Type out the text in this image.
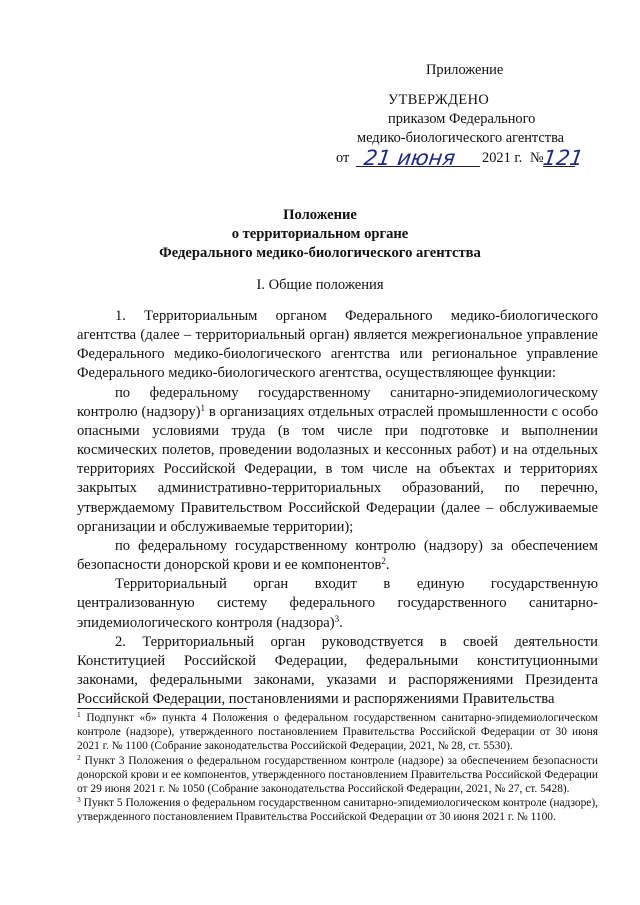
Приложение
УТВЕРЖДЕНО
приказом Федерального
медико-биологического агентства
от 21 июня 2021 г. №
121
Положение
о территориальном органе
Федерального медико-биологического агентства
I. Общие положения

1. Территориальным органом Федерального медико-биологического агентства (далее – территориальный орган) является межрегиональное управление Федерального медико-биологического агентства или региональное управление Федерального медико-биологического агентства, осуществляющее функции:

по федеральному государственному санитарно-эпидемиологическому контролю (надзору)$^1$ в организациях отдельных отраслей промышленности с особо опасными условиями труда (в том числе при подготовке и выполнении космических полетов, проведении водолазных и кессонных работ) и на отдельных территориях Российской Федерации, в том числе на объектах и территориях закрытых административно-территориальных образований, по перечню, утверждаемому Правительством Российской Федерации (далее – обслуживаемые организации и обслуживаемые территории);

по федеральному государственному контролю (надзору) за обеспечением безопасности донорской крови и ее компонентов$^2$.

Территориальный орган входит в единую государственную централизованную систему федерального государственного санитарно-эпидемиологического контроля (надзора)$^3$.

2. Территориальный орган руководствуется в своей деятельности Конституцией Российской Федерации, федеральными конституционными законами, федеральными законами, указами и распоряжениями Президента Российской Федерации, постановлениями и распоряжениями Правительства

$^1$ Подпункт «б» пункта 4 Положения о федеральном государственном санитарно-эпидемиологическом контроле (надзоре), утвержденного постановлением Правительства Российской Федерации от 30 июня 2021 г. № 1100 (Собрание законодательства Российской Федерации, 2021, № 28, ст. 5530).

$^2$ Пункт 3 Положения о федеральном государственном контроле (надзоре) за обеспечением безопасности донорской крови и ее компонентов, утвержденного постановлением Правительства Российской Федерации от 29 июня 2021 г. № 1050 (Собрание законодательства Российской Федерации, 2021, № 27, ст. 5428).

$^3$ Пункт 5 Положения о федеральном государственном санитарно-эпидемиологическом контроле (надзоре), утвержденного постановлением Правительства Российской Федерации от 30 июня 2021 г. № 1100.
